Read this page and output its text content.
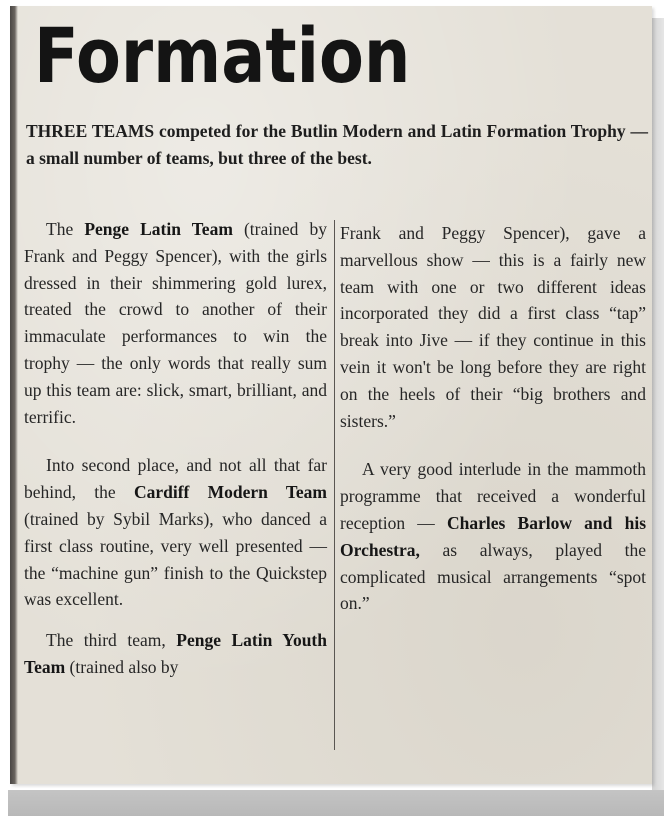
Formation

THREE TEAMS competed for the Butlin Modern and Latin Formation Trophy — a small number of teams, but three of the best.

The Penge Latin Team (trained by Frank and Peggy Spencer), with the girls dressed in their shimmering gold lurex, treated the crowd to another of their immaculate performances to win the trophy — the only words that really sum up this team are: slick, smart, brilliant, and terrific.

Into second place, and not all that far behind, the Cardiff Modern Team (trained by Sybil Marks), who danced a first class routine, very well presented — the “machine gun” finish to the Quickstep was excellent.

The third team, Penge Latin Youth Team (trained also by

Frank and Peggy Spencer), gave a marvellous show — this is a fairly new team with one or two different ideas incorporated they did a first class “tap” break into Jive — if they continue in this vein it won't be long before they are right on the heels of their “big brothers and sisters.”

A very good interlude in the mammoth programme that received a wonderful reception — Charles Barlow and his Orchestra, as always, played the complicated musical arrangements “spot on.”
